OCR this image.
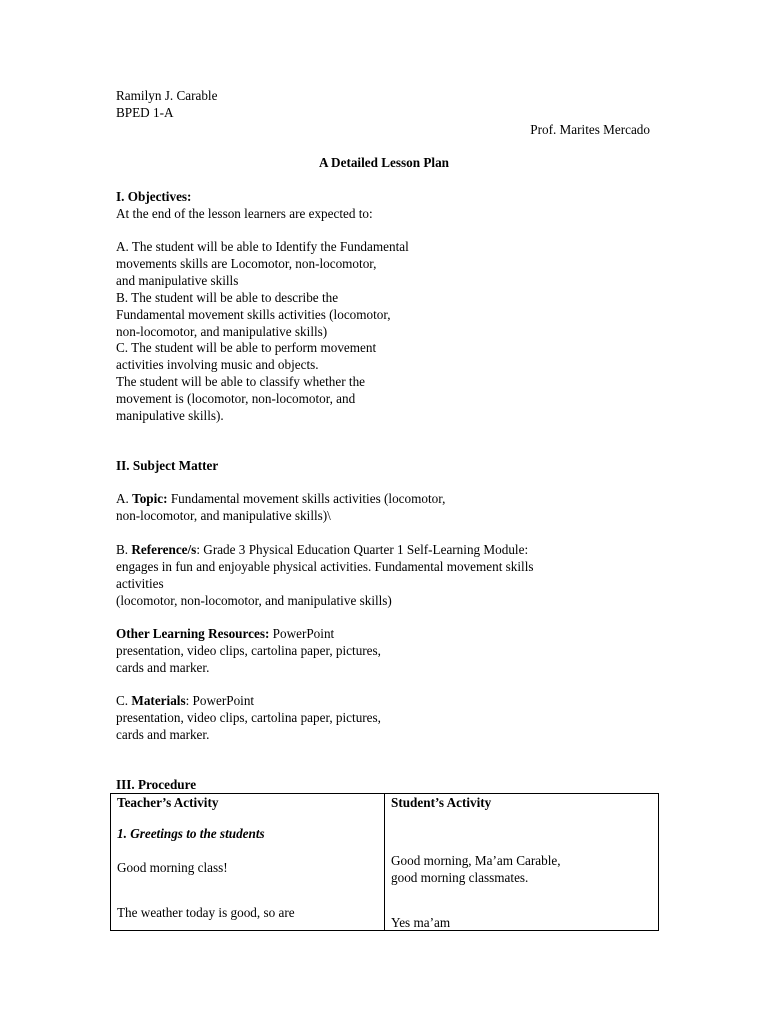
Ramilyn J. Carable
BPED 1-A
Prof. Marites Mercado
A Detailed Lesson Plan
I. Objectives:
At the end of the lesson learners are expected to:
A. The student will be able to Identify the Fundamental
movements skills are Locomotor, non-locomotor,
and manipulative skills
B. The student will be able to describe the
Fundamental movement skills activities (locomotor,
non-locomotor, and manipulative skills)
C. The student will be able to perform movement
activities involving music and objects.
The student will be able to classify whether the
movement is (locomotor, non-locomotor, and
manipulative skills).
II. Subject Matter
A. Topic: Fundamental movement skills activities (locomotor,
non-locomotor, and manipulative skills)\
B. Reference/s: Grade 3 Physical Education Quarter 1 Self-Learning Module:
engages in fun and enjoyable physical activities. Fundamental movement skills
activities
(locomotor, non-locomotor, and manipulative skills)
Other Learning Resources: PowerPoint
presentation, video clips, cartolina paper, pictures,
cards and marker.
C. Materials: PowerPoint
presentation, video clips, cartolina paper, pictures,
cards and marker.
III. Procedure
Teacher’s Activity	Student’s Activity
1. Greetings to the students
Good morning class!
The weather today is good, so are
Good morning, Ma’am Carable,
good morning classmates.
Yes ma’am
